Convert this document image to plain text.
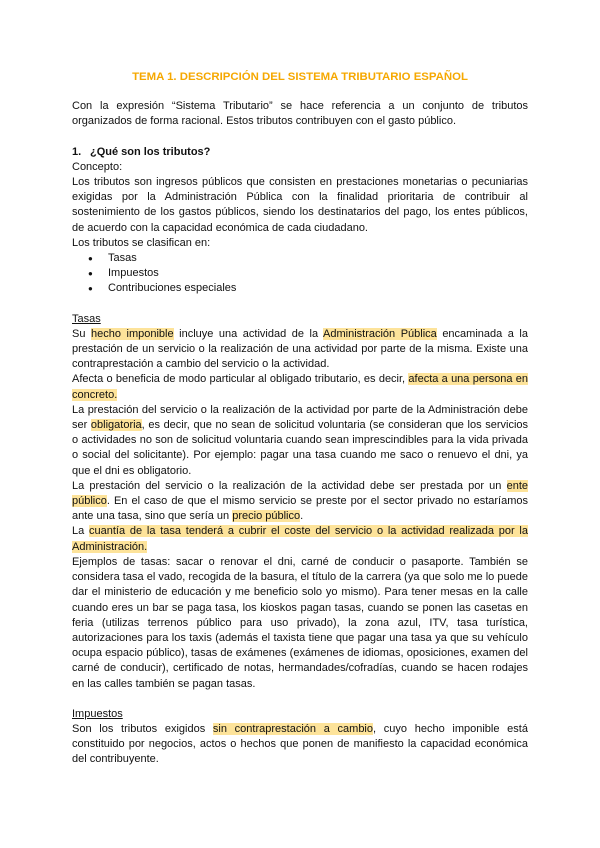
TEMA 1. DESCRIPCIÓN DEL SISTEMA TRIBUTARIO ESPAÑOL

Con la expresión “Sistema Tributario” se hace referencia a un conjunto de tributos organizados de forma racional. Estos tributos contribuyen con el gasto público.

1. ¿Qué son los tributos?

Concepto:

Los tributos son ingresos públicos que consisten en prestaciones monetarias o pecuniarias exigidas por la Administración Pública con la finalidad prioritaria de contribuir al sostenimiento de los gastos públicos, siendo los destinatarios del pago, los entes públicos, de acuerdo con la capacidad económica de cada ciudadano.

Los tributos se clasifican en:

● Tasas
● Impuestos
● Contribuciones especiales

Tasas

Su hecho imponible incluye una actividad de la Administración Pública encaminada a la prestación de un servicio o la realización de una actividad por parte de la misma. Existe una contraprestación a cambio del servicio o la actividad.

Afecta o beneficia de modo particular al obligado tributario, es decir, afecta a una persona en concreto.

La prestación del servicio o la realización de la actividad por parte de la Administración debe ser obligatoria, es decir, que no sean de solicitud voluntaria (se consideran que los servicios o actividades no son de solicitud voluntaria cuando sean imprescindibles para la vida privada o social del solicitante). Por ejemplo: pagar una tasa cuando me saco o renuevo el dni, ya que el dni es obligatorio.

La prestación del servicio o la realización de la actividad debe ser prestada por un ente público. En el caso de que el mismo servicio se preste por el sector privado no estaríamos ante una tasa, sino que sería un precio público.

La cuantía de la tasa tenderá a cubrir el coste del servicio o la actividad realizada por la Administración.

Ejemplos de tasas: sacar o renovar el dni, carné de conducir o pasaporte. También se considera tasa el vado, recogida de la basura, el título de la carrera (ya que solo me lo puede dar el ministerio de educación y me beneficio solo yo mismo). Para tener mesas en la calle cuando eres un bar se paga tasa, los kioskos pagan tasas, cuando se ponen las casetas en feria (utilizas terrenos público para uso privado), la zona azul, ITV, tasa turística, autorizaciones para los taxis (además el taxista tiene que pagar una tasa ya que su vehículo ocupa espacio público), tasas de exámenes (exámenes de idiomas, oposiciones, examen del carné de conducir), certificado de notas, hermandades/cofradías, cuando se hacen rodajes en las calles también se pagan tasas.

Impuestos

Son los tributos exigidos sin contraprestación a cambio, cuyo hecho imponible está constituido por negocios, actos o hechos que ponen de manifiesto la capacidad económica del contribuyente.
